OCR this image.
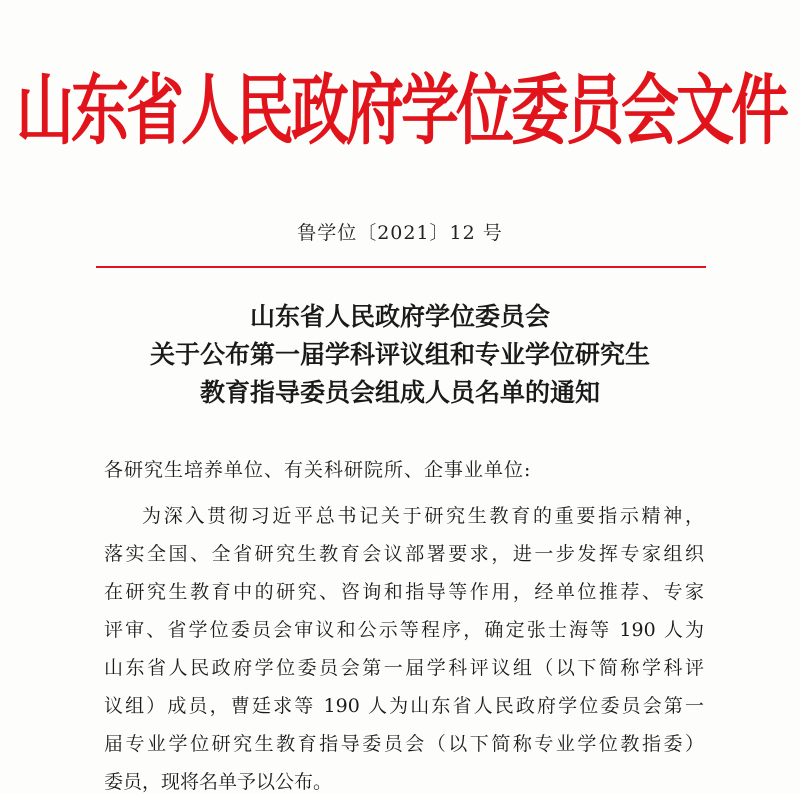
山东省人民政府学位委员会文件
鲁学位〔2021〕12 号
山东省人民政府学位委员会
关于公布第一届学科评议组和专业学位研究生
教育指导委员会组成人员名单的通知
各研究生培养单位、有关科研院所、企事业单位:
为深入贯彻习近平总书记关于研究生教育的重要指示精神，
落实全国、全省研究生教育会议部署要求，进一步发挥专家组织
在研究生教育中的研究、咨询和指导等作用，经单位推荐、专家
评审、省学位委员会审议和公示等程序，确定张士海等 190 人为
山东省人民政府学位委员会第一届学科评议组（以下简称学科评
议组）成员，曹廷求等 190 人为山东省人民政府学位委员会第一
届专业学位研究生教育指导委员会（以下简称专业学位教指委）
委员，现将名单予以公布。
